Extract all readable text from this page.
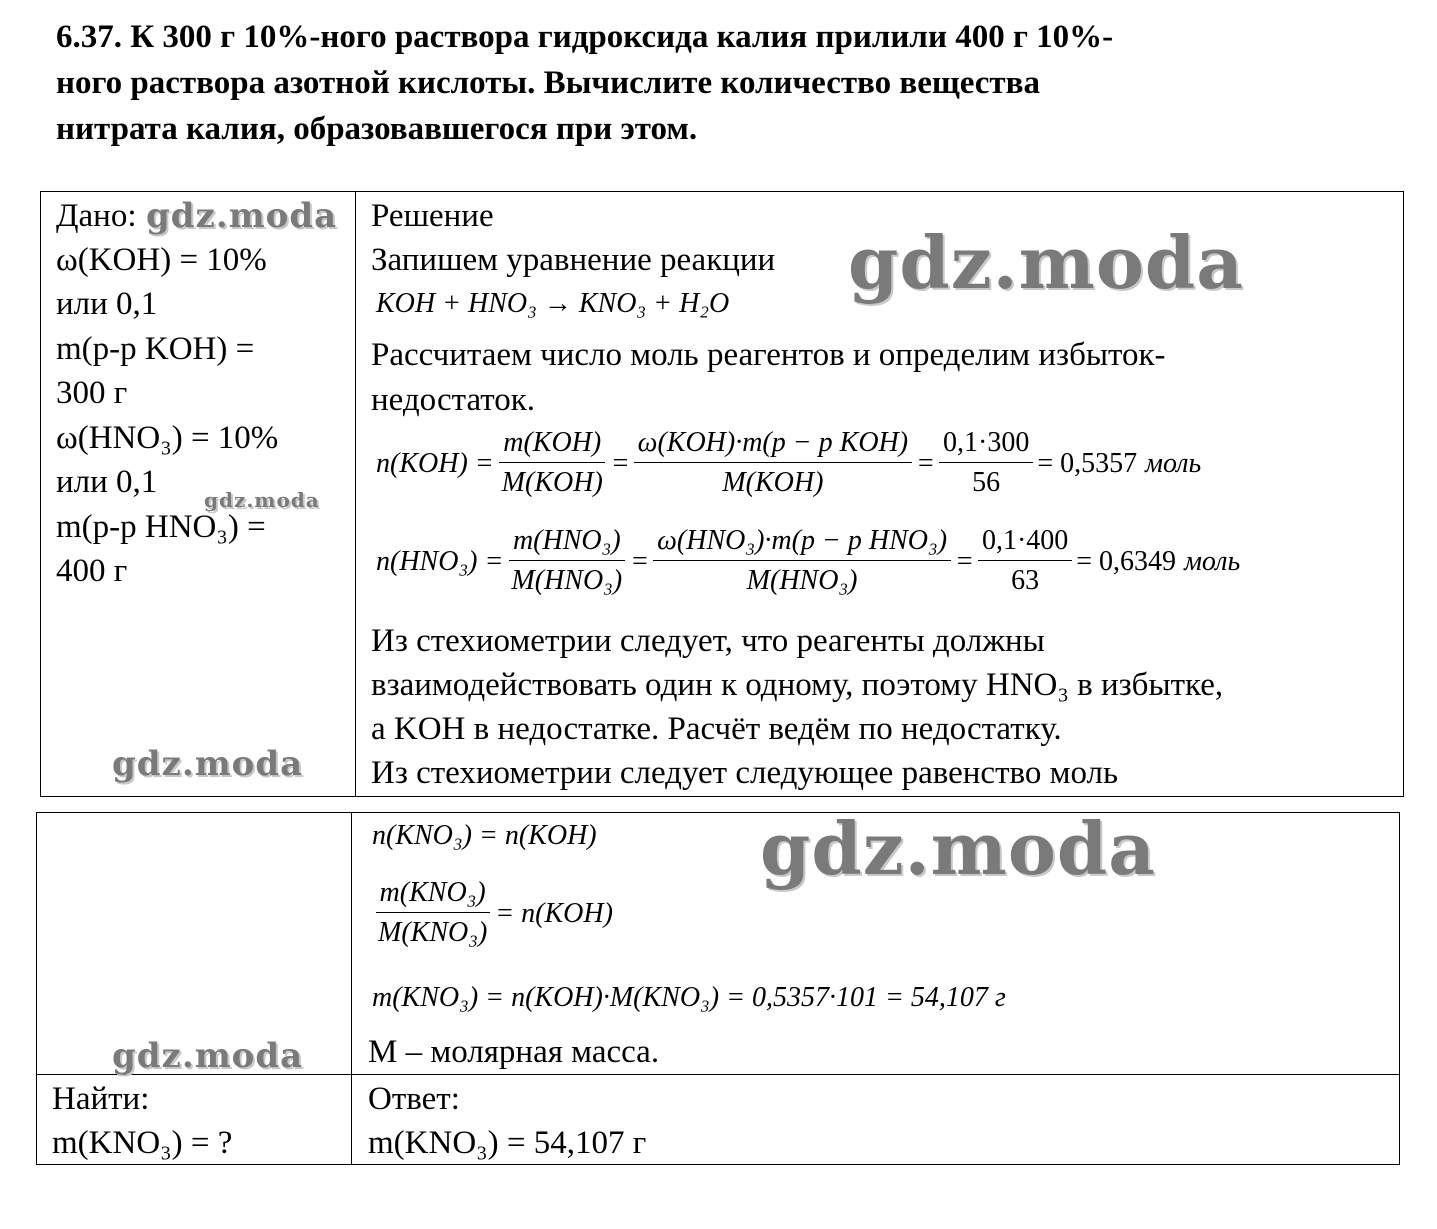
6.37. К 300 г 10%-ного раствора гидроксида калия прилили 400 г 10%-
ного раствора азотной кислоты. Вычислите количество вещества
нитрата калия, образовавшегося при этом.
Дано:
ω(KOH) = 10%
или 0,1
m(р-р KOH) =
300 г
ω(HNO₃) = 10%
или 0,1
m(р-р HNO₃) =
400 г
Решение
Запишем уравнение реакции
KOH + HNO₃ → KNO₃ + H₂O
Рассчитаем число моль реагентов и определим избыток-
недостаток.
$n(KOH) = \frac{\text{m(KOH)}}{\text{M(KOH)}} = \frac{\text{ω(KOH)·m(p − p KOH)}}{\text{M(KOH)}} = \frac{0,1\cdot 300}{56} = 0,5357$ моль
$n(HNO_3) = \frac{\text{m(HNO₃)}}{\text{M(HNO₃)}} = \frac{\text{ω(HNO₃)·m(p − p HNO₃)}}{\text{M(HNO₃)}} = \frac{0,1\cdot 400}{63} = 0,6349$ моль
Из стехиометрии следует, что реагенты должны
взаимодействовать один к одному, поэтому HNO₃ в избытке,
а KOH в недостатке. Расчёт ведём по недостатку.
Из стехиометрии следует следующее равенство моль
n(KNO₃) = n(KOH)
$\frac{\text{m(KNO₃)}}{\text{M(KNO₃)}} = n(KOH)$
m(KNO₃) = n(KOH)·M(KNO₃) = 0,5357·101 = 54,107 г
M – молярная масса.
Найти:
m(KNO₃) = ?
Ответ:
m(KNO₃) = 54,107 г
gdz.moda
gdz.moda
gdz.moda
gdz.moda
gdz.moda
gdz.moda
